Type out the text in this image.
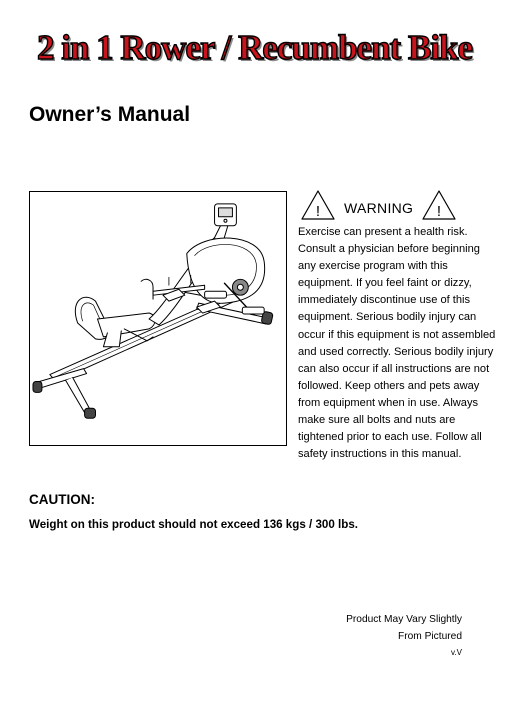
2 in 1 Rower / Recumbent Bike
Owner’s Manual
! WARNING !
Exercise can present a health risk.
Consult a physician before beginning
any exercise program with this
equipment. If you feel faint or dizzy,
immediately discontinue use of this
equipment. Serious bodily injury can
occur if this equipment is not assembled
and used correctly. Serious bodily injury
can also occur if all instructions are not
followed. Keep others and pets away
from equipment when in use. Always
make sure all bolts and nuts are
tightened prior to each use. Follow all
safety instructions in this manual.
CAUTION:
Weight on this product should not exceed 136 kgs / 300 lbs.
Product May Vary Slightly
From Pictured
v.V
